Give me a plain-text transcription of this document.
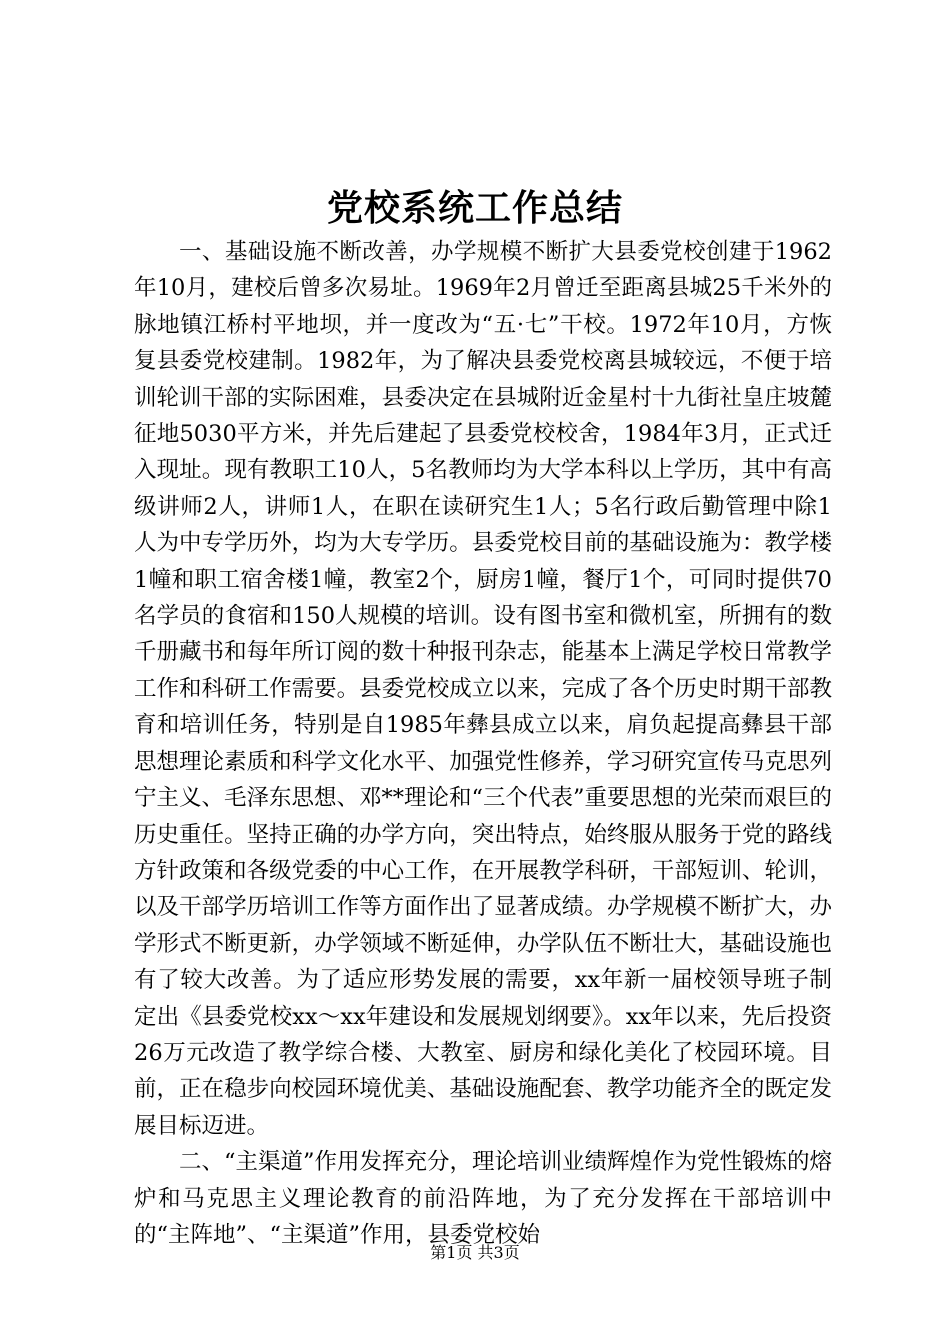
党校系统工作总结

一、基础设施不断改善，办学规模不断扩大县委党校创建于1962年10月，建校后曾多次易址。1969年2月曾迁至距离县城25千米外的脉地镇江桥村平地坝，并一度改为“五·七”干校。1972年10月，方恢复县委党校建制。1982年，为了解决县委党校离县城较远，不便于培训轮训干部的实际困难，县委决定在县城附近金星村十九街社皇庄坡麓征地5030平方米，并先后建起了县委党校校舍，1984年3月，正式迁入现址。现有教职工10人，5名教师均为大学本科以上学历，其中有高级讲师2人，讲师1人，在职在读研究生1人；5名行政后勤管理中除1人为中专学历外，均为大专学历。县委党校目前的基础设施为：教学楼1幢和职工宿舍楼1幢，教室2个，厨房1幢，餐厅1个，可同时提供70名学员的食宿和150人规模的培训。设有图书室和微机室，所拥有的数千册藏书和每年所订阅的数十种报刊杂志，能基本上满足学校日常教学工作和科研工作需要。县委党校成立以来，完成了各个历史时期干部教育和培训任务，特别是自1985年彝县成立以来，肩负起提高彝县干部思想理论素质和科学文化水平、加强党性修养，学习研究宣传马克思列宁主义、毛泽东思想、邓**理论和“三个代表”重要思想的光荣而艰巨的历史重任。坚持正确的办学方向，突出特点，始终服从服务于党的路线方针政策和各级党委的中心工作，在开展教学科研，干部短训、轮训，以及干部学历培训工作等方面作出了显著成绩。办学规模不断扩大，办学形式不断更新，办学领域不断延伸，办学队伍不断壮大，基础设施也有了较大改善。为了适应形势发展的需要，xx年新一届校领导班子制定出《县委党校xx～xx年建设和发展规划纲要》。xx年以来，先后投资26万元改造了教学综合楼、大教室、厨房和绿化美化了校园环境。目前，正在稳步向校园环境优美、基础设施配套、教学功能齐全的既定发展目标迈进。

二、“主渠道”作用发挥充分，理论培训业绩辉煌作为党性锻炼的熔炉和马克思主义理论教育的前沿阵地，为了充分发挥在干部培训中的“主阵地”、“主渠道”作用，县委党校始

第1页 共3页
